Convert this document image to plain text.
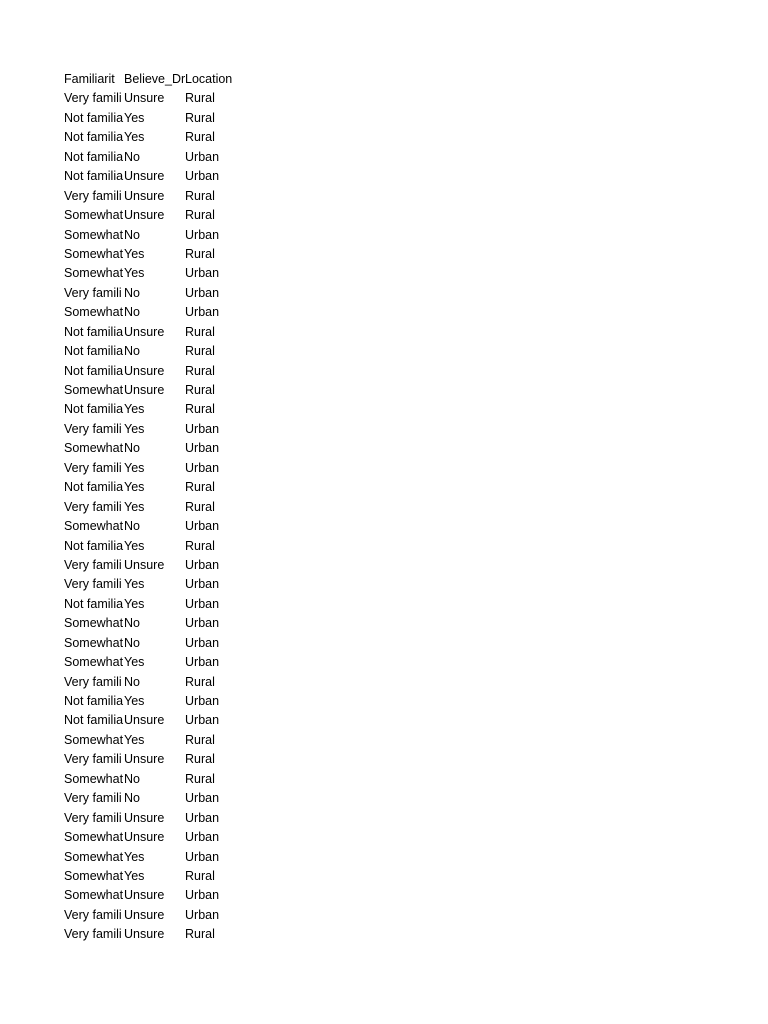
Familiarit Believe_Dr Location
Very famili Unsure	Rural
Not familia Yes	Rural
Not familia Yes	Rural
Not familia No	Urban
Not familia Unsure	Urban
Very famili Unsure	Rural
Somewhat Unsure	Rural
Somewhat No	Urban
Somewhat Yes	Rural
Somewhat Yes	Urban
Very famili No	Urban
Somewhat No	Urban
Not familia Unsure	Rural
Not familia No	Rural
Not familia Unsure	Rural
Somewhat Unsure	Rural
Not familia Yes	Rural
Very famili Yes	Urban
Somewhat No	Urban
Very famili Yes	Urban
Not familia Yes	Rural
Very famili Yes	Rural
Somewhat No	Urban
Not familia Yes	Rural
Very famili Unsure	Urban
Very famili Yes	Urban
Not familia Yes	Urban
Somewhat No	Urban
Somewhat No	Urban
Somewhat Yes	Urban
Very famili No	Rural
Not familia Yes	Urban
Not familia Unsure	Urban
Somewhat Yes	Rural
Very famili Unsure	Rural
Somewhat No	Rural
Very famili No	Urban
Very famili Unsure	Urban
Somewhat Unsure	Urban
Somewhat Yes	Urban
Somewhat Yes	Rural
Somewhat Unsure	Urban
Very famili Unsure	Urban
Very famili Unsure	Rural
